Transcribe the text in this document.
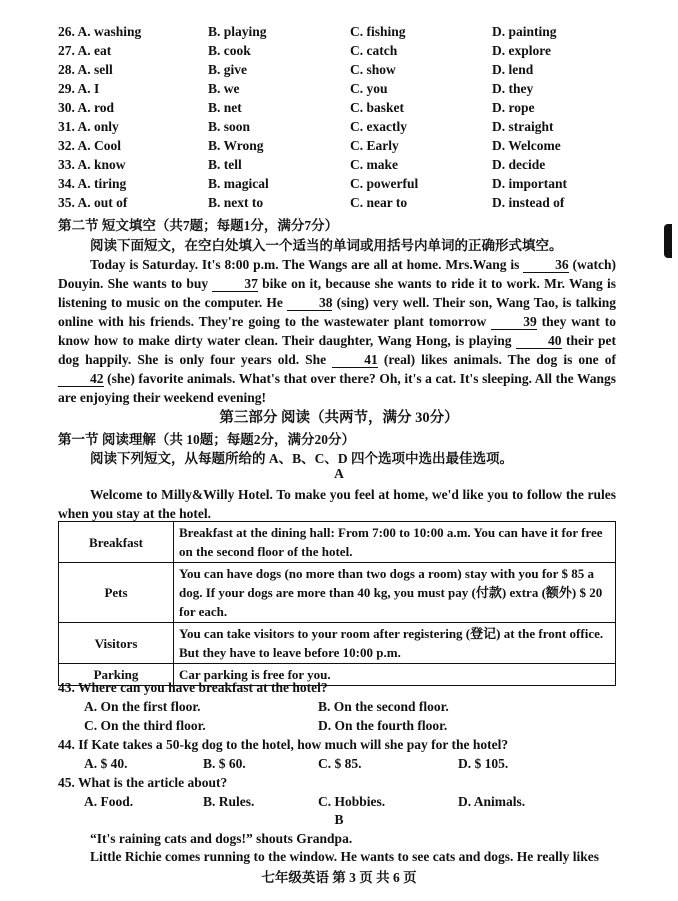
26. A. washing	B. playing	C. fishing	D. painting
27. A. eat	B. cook	C. catch	D. explore
28. A. sell	B. give	C. show	D. lend
29. A. I	B. we	C. you	D. they
30. A. rod	B. net	C. basket	D. rope
31. A. only	B. soon	C. exactly	D. straight
32. A. Cool	B. Wrong	C. Early	D. Welcome
33. A. know	B. tell	C. make	D. decide
34. A. tiring	B. magical	C. powerful	D. important
35. A. out of	B. next to	C. near to	D. instead of
第二节 短文填空（共7题；每题1分，满分7分）
阅读下面短文，在空白处填入一个适当的单词或用括号内单词的正确形式填空。
Today is Saturday. It's 8:00 p.m. The Wangs are all at home. Mrs.Wang is	36 (watch) Douyin. She wants to buy	37 bike on it, because she wants to ride it to work. Mr. Wang is listening to music on the computer. He	38 (sing) very well. Their son, Wang Tao, is talking online with his friends. They're going to the wastewater plant tomorrow	39 they want to know how to make dirty water clean. Their daughter, Wang Hong, is playing	40 their pet dog happily. She is only four years old. She	41 (real) likes animals. The dog is one of 42 (she) favorite animals. What's that over there? Oh, it's a cat. It's sleeping. All the Wangs are enjoying their weekend evening!
第三部分 阅读（共两节，满分 30分）
第一节 阅读理解（共 10题；每题2分，满分20分）
阅读下列短文，从每题所给的 A、B、C、D 四个选项中选出最佳选项。
A
Welcome to Milly&Willy Hotel. To make you feel at home, we'd like you to follow the rules when you stay at the hotel.
Breakfast	Breakfast at the dining hall: From 7:00 to 10:00 a.m. You can have it for free on the second floor of the hotel.
Pets	You can have dogs (no more than two dogs a room) stay with you for $ 85 a dog. If your dogs are more than 40 kg, you must pay (付款) extra (额外) $ 20 for each.
Visitors	You can take visitors to your room after registering (登记) at the front office. But they have to leave before 10:00 p.m.
Parking	Car parking is free for you.
43. Where can you have breakfast at the hotel?
A. On the first floor.	B. On the second floor.
C. On the third floor.	D. On the fourth floor.
44. If Kate takes a 50-kg dog to the hotel, how much will she pay for the hotel?
A. $ 40.	B. $ 60.	C. $ 85.	D. $ 105.
45. What is the article about?
A. Food.	B. Rules.	C. Hobbies.	D. Animals.
B
“It's raining cats and dogs!” shouts Grandpa.
Little Richie comes running to the window. He wants to see cats and dogs. He really likes
七年级英语 第 3 页 共 6 页
